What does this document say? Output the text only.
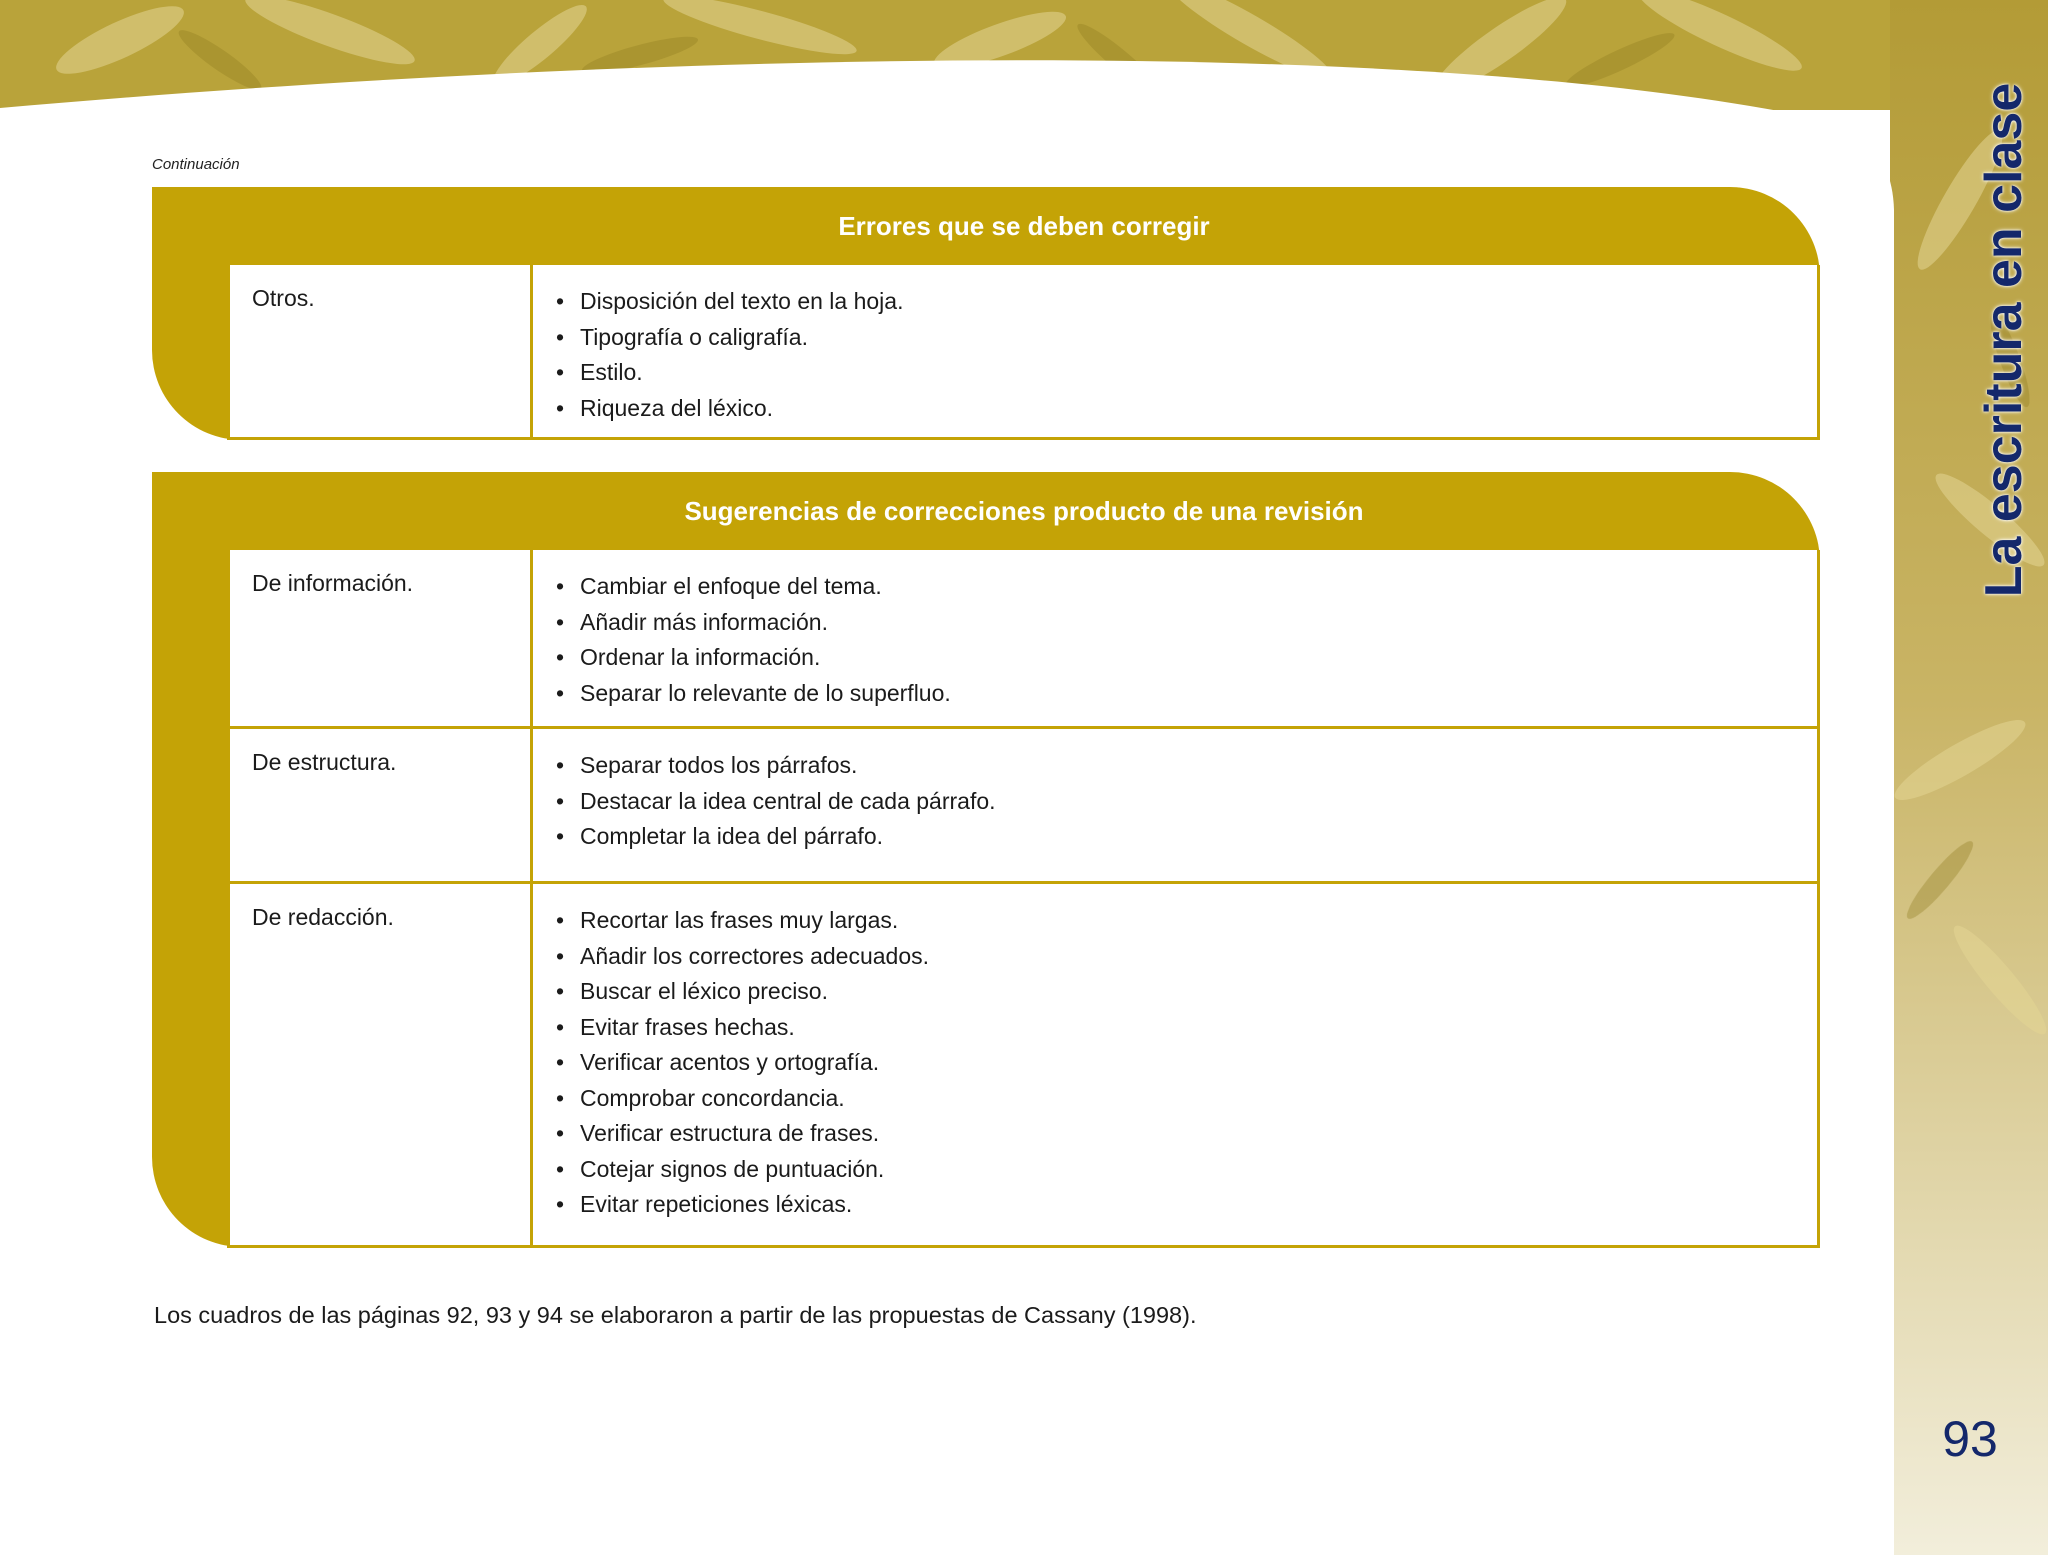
Continuación
Errores que se deben corregir
Otros.	• Disposición del texto en la hoja.
• Tipografía o caligrafía.
• Estilo.
• Riqueza del léxico.
Sugerencias de correcciones producto de una revisión
De información.	• Cambiar el enfoque del tema.
• Añadir más información.
• Ordenar la información.
• Separar lo relevante de lo superfluo.
De estructura.	• Separar todos los párrafos.
• Destacar la idea central de cada párrafo.
• Completar la idea del párrafo.
De redacción.	• Recortar las frases muy largas.
• Añadir los correctores adecuados.
• Buscar el léxico preciso.
• Evitar frases hechas.
• Verificar acentos y ortografía.
• Comprobar concordancia.
• Verificar estructura de frases.
• Cotejar signos de puntuación.
• Evitar repeticiones léxicas.
Los cuadros de las páginas 92, 93 y 94 se elaboraron a partir de las propuestas de Cassany (1998).
La escritura en clase
93
